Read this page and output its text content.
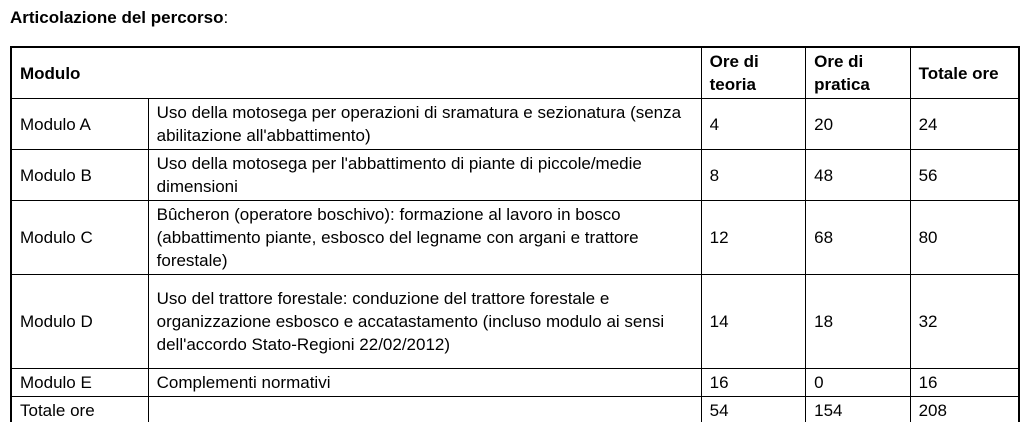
Articolazione del percorso:

Modulo		Ore di teoria	Ore di pratica	Totale ore
Modulo A	Uso della motosega per operazioni di sramatura e sezionatura (senza abilitazione all'abbattimento)	4	20	24
Modulo B	Uso della motosega per l'abbattimento di piante di piccole/medie dimensioni	8	48	56
Modulo C	Bûcheron (operatore boschivo): formazione al lavoro in bosco (abbattimento piante, esbosco del legname con argani e trattore forestale)	12	68	80
Modulo D	Uso del trattore forestale: conduzione del trattore forestale e organizzazione esbosco e accatastamento (incluso modulo ai sensi dell'accordo Stato-Regioni 22/02/2012)	14	18	32
Modulo E	Complementi normativi	16	0	16
Totale ore		54	154	208
